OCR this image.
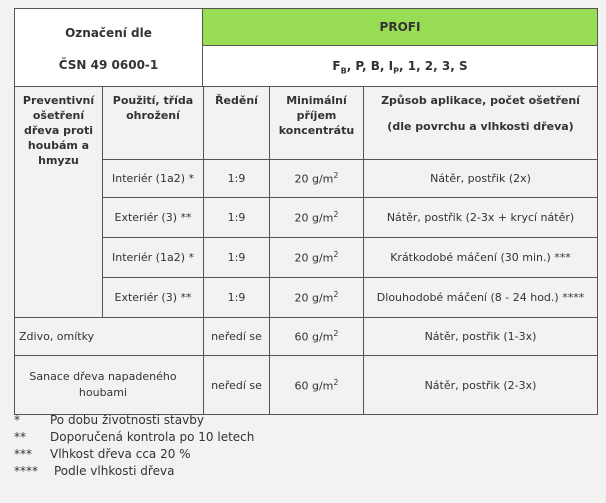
Označení dle
ČSN 49 0600-1
	PROFI
$F_B$, P, B, $I_P$, 1, 2, 3, S
Preventivní ošetření dřeva proti houbám a hmyzu	Použití, třída ohrožení	Ředění	Minimální příjem koncentrátu	Způsob aplikace, počet ošetření
(dle povrchu a vlhkosti dřeva)

	Interiér (1a2) *	1:9	20 $g/m^2$	Nátěr, postřik (2x)
	Exteriér (3) **	1:9	20 $g/m^2$	Nátěr, postřik (2-3x + krycí nátěr)
	Interiér (1a2) *	1:9	20 $g/m^2$	Krátkodobé máčení (30 min.) ***
	Exteriér (3) **	1:9	20 $g/m^2$	Dlouhodobé máčení (8 - 24 hod.) ****
Zdivo, omítky		neředí se	60 $g/m^2$	Nátěr, postřik (1-3x)
Sanace dřeva napadeného houbami		neředí se	60 $g/m^2$	Nátěr, postřik (2-3x)
*	Po dobu životnosti stavby
**	Doporučená kontrola po 10 letech
***	Vlhkost dřeva cca 20 %
****	Podle vlhkosti dřeva
